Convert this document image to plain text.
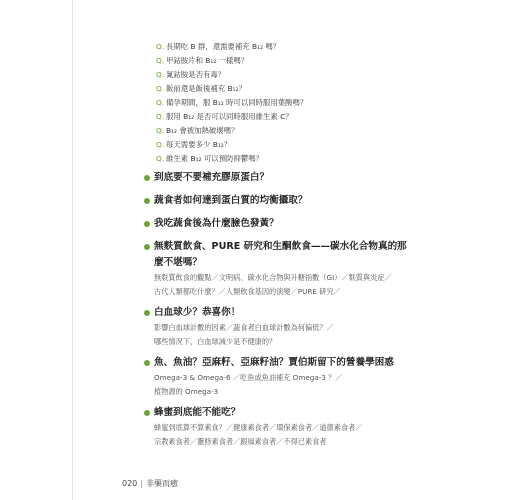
Q. 長期吃 B 群，還需要補充 B₁₂ 嗎？
Q. 甲鈷胺片和 B₁₂ 一樣嗎？
Q. 氰鈷胺是否有毒？
Q. 飯前還是飯後補充 B₁₂？
Q. 備孕期間，服 B₁₂ 時可以同時服用葉酸嗎？
Q. 服用 B₁₂ 是否可以同時服用維生素 C？
Q. B₁₂ 會被加熱破壞嗎？
Q. 每天需要多少 B₁₂？
Q. 維生素 B₁₂ 可以預防抑鬱嗎？
到底要不要補充膠原蛋白？
蔬食者如何達到蛋白質的均衡攝取？
我吃蔬食後為什麼臉色發黃？
無麩質飲食、PURE 研究和生酮飲食——碳水化合物真的那麼不堪嗎？
無麩質飲食的觀點／文明病、碳水化合物與升糖指數（GI）／麩質與炎症／
古代人類都吃什麼？／人類飲食基因的演變／PURE 研究／
白血球少？恭喜你！
影響白血球計數的因素／蔬食者白血球計數為何偏低？／
哪些情況下，白血球減少是不健康的？
魚、魚油？亞麻籽、亞麻籽油？賈伯斯留下的營養學困惑
Omega-3 & Omega-6 ／吃魚或魚油補充 Omega-3 ？／
植物源的 Omega-3
蜂蜜到底能不能吃？
蜂蜜到底算不算素食？／健康素食者／環保素食者／道德素食者／
宗教素食者／靈修素食者／跟風素食者／不得已素食者
020 | 非藥而癒
